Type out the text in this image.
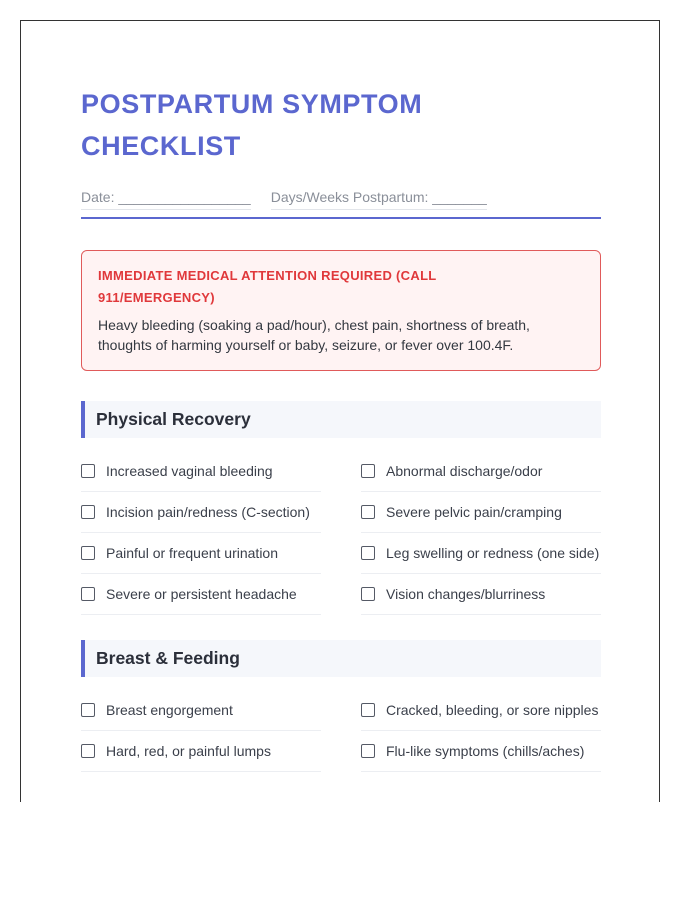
POSTPARTUM SYMPTOM CHECKLIST
Date: _________________ Days/Weeks Postpartum: _______
IMMEDIATE MEDICAL ATTENTION REQUIRED (CALL 911/EMERGENCY)
Heavy bleeding (soaking a pad/hour), chest pain, shortness of breath, thoughts of harming yourself or baby, seizure, or fever over 100.4F.
Physical Recovery
Increased vaginal bleeding	Abnormal discharge/odor
Incision pain/redness (C-section)	Severe pelvic pain/cramping
Painful or frequent urination	Leg swelling or redness (one side)
Severe or persistent headache	Vision changes/blurriness
Breast & Feeding
Breast engorgement	Cracked, bleeding, or sore nipples
Hard, red, or painful lumps	Flu-like symptoms (chills/aches)
